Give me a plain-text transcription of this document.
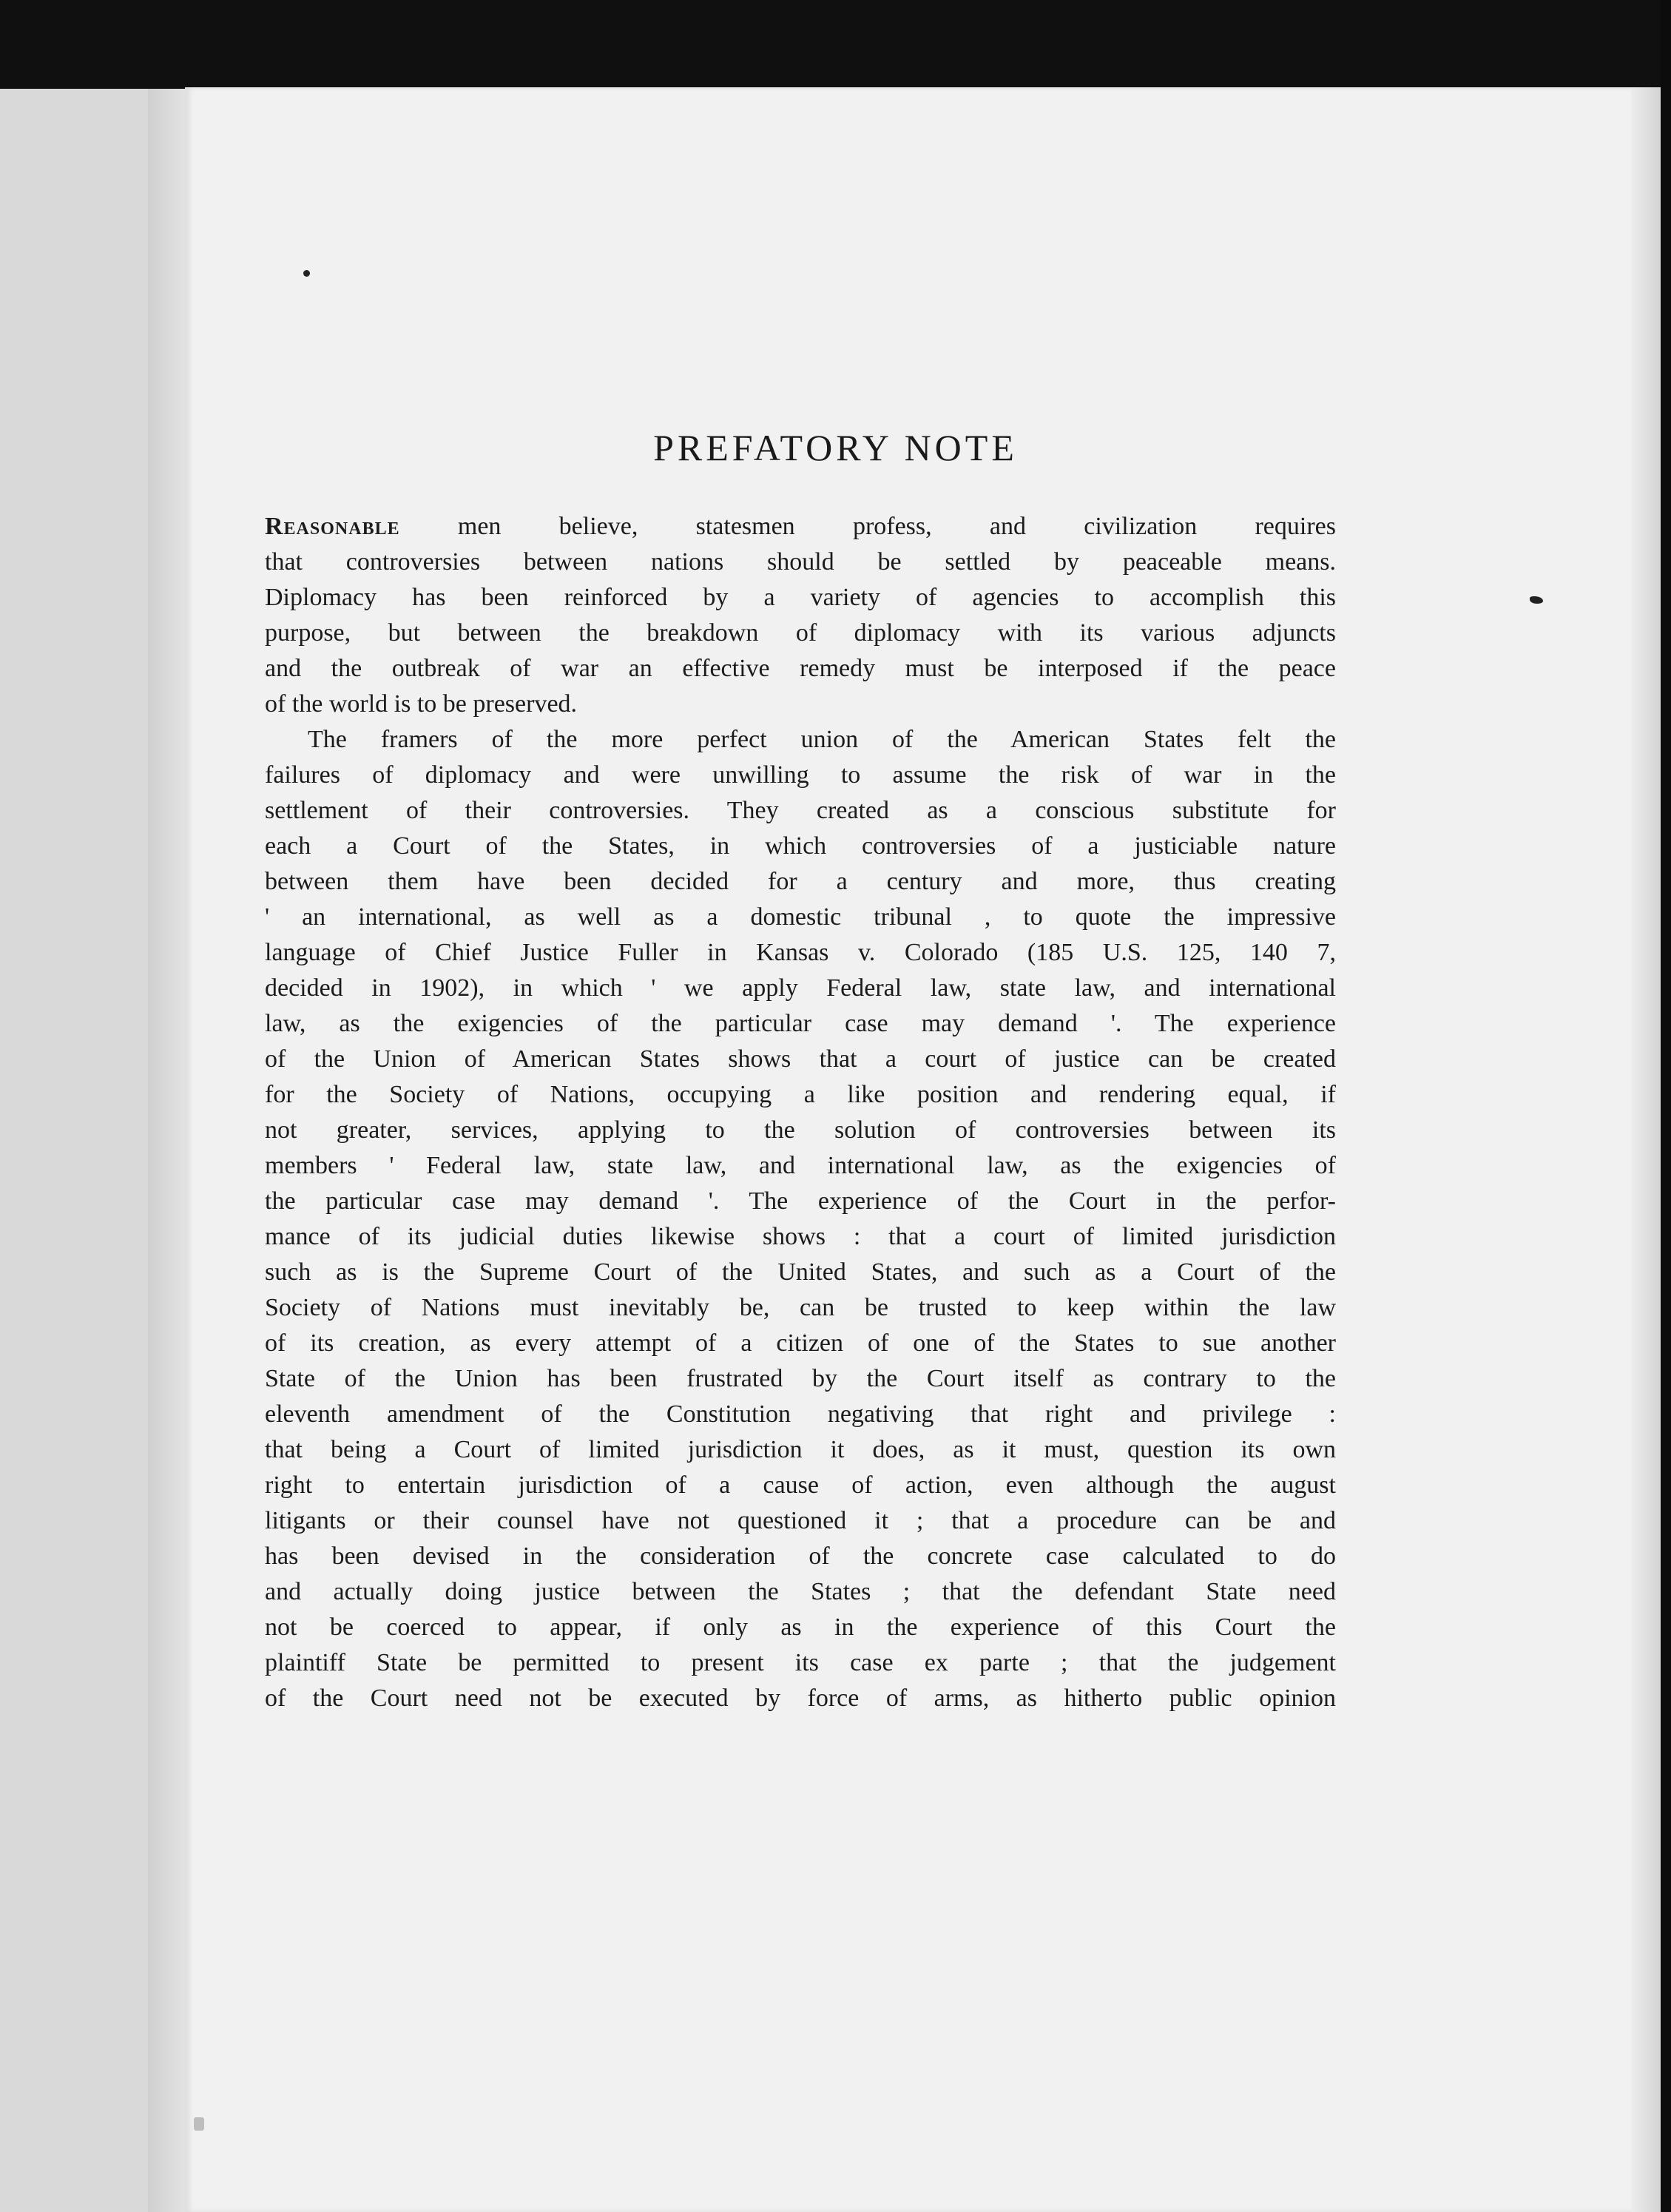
PREFATORY NOTE
Reasonable men believe, statesmen profess, and civilization requires
that controversies between nations should be settled by peaceable means.
Diplomacy has been reinforced by a variety of agencies to accomplish this
purpose, but between the breakdown of diplomacy with its various adjuncts
and the outbreak of war an effective remedy must be interposed if the peace
of the world is to be preserved.
The framers of the more perfect union of the American States felt the
failures of diplomacy and were unwilling to assume the risk of war in the
settlement of their controversies. They created as a conscious substitute for
each a Court of the States, in which controversies of a justiciable nature
between them have been decided for a century and more, thus creating
' an international, as well as a domestic tribunal , to quote the impressive
language of Chief Justice Fuller in Kansas v. Colorado (185 U.S. 125, 140 7,
decided in 1902), in which ' we apply Federal law, state law, and international
law, as the exigencies of the particular case may demand '. The experience
of the Union of American States shows that a court of justice can be created
for the Society of Nations, occupying a like position and rendering equal, if
not greater, services, applying to the solution of controversies between its
members ' Federal law, state law, and international law, as the exigencies of
the particular case may demand '. The experience of the Court in the perfor-
mance of its judicial duties likewise shows : that a court of limited jurisdiction
such as is the Supreme Court of the United States, and such as a Court of the
Society of Nations must inevitably be, can be trusted to keep within the law
of its creation, as every attempt of a citizen of one of the States to sue another
State of the Union has been frustrated by the Court itself as contrary to the
eleventh amendment of the Constitution negativing that right and privilege :
that being a Court of limited jurisdiction it does, as it must, question its own
right to entertain jurisdiction of a cause of action, even although the august
litigants or their counsel have not questioned it ; that a procedure can be and
has been devised in the consideration of the concrete case calculated to do
and actually doing justice between the States ; that the defendant State need
not be coerced to appear, if only as in the experience of this Court the
plaintiff State be permitted to present its case ex parte ; that the judgement
of the Court need not be executed by force of arms, as hitherto public opinion
